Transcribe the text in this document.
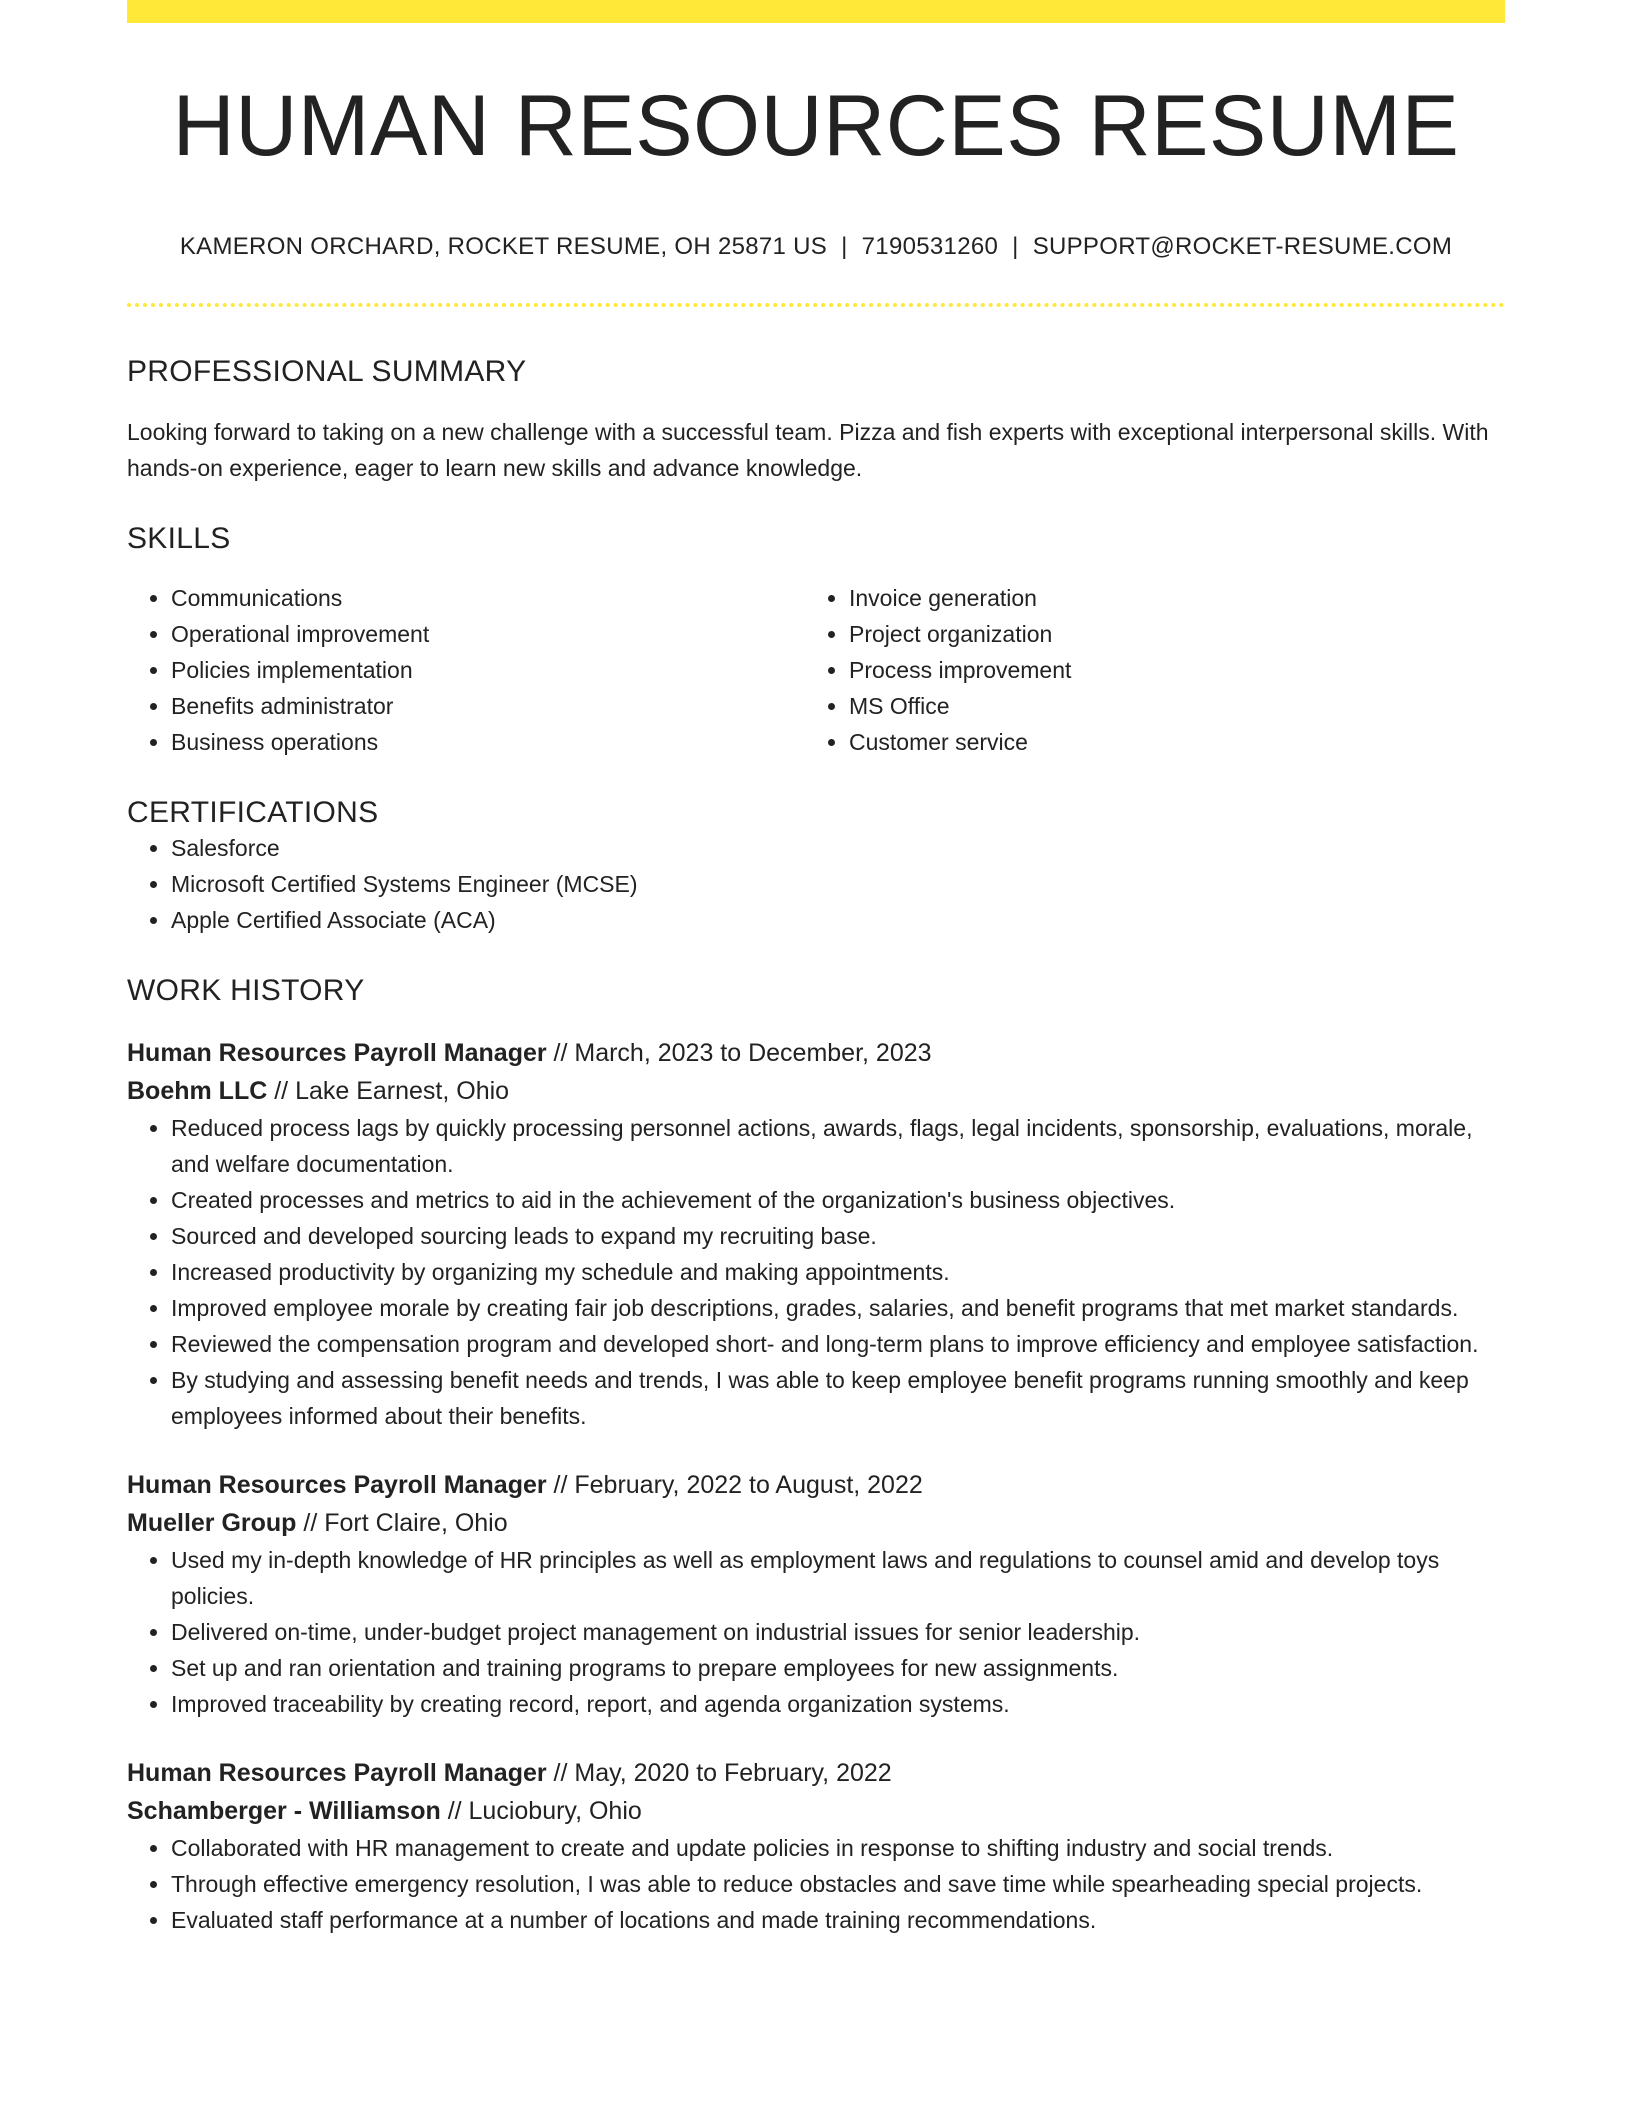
HUMAN RESOURCES RESUME
KAMERON ORCHARD, ROCKET RESUME, OH 25871 US | 7190531260 | SUPPORT@ROCKET-RESUME.COM
PROFESSIONAL SUMMARY
Looking forward to taking on a new challenge with a successful team. Pizza and fish experts with exceptional interpersonal skills. With hands-on experience, eager to learn new skills and advance knowledge.
SKILLS
• Communications
• Operational improvement
• Policies implementation
• Benefits administrator
• Business operations
• Invoice generation
• Project organization
• Process improvement
• MS Office
• Customer service
CERTIFICATIONS
• Salesforce
• Microsoft Certified Systems Engineer (MCSE)
• Apple Certified Associate (ACA)
WORK HISTORY
Human Resources Payroll Manager // March, 2023 to December, 2023
Boehm LLC // Lake Earnest, Ohio
• Reduced process lags by quickly processing personnel actions, awards, flags, legal incidents, sponsorship, evaluations, morale, and welfare documentation.
• Created processes and metrics to aid in the achievement of the organization's business objectives.
• Sourced and developed sourcing leads to expand my recruiting base.
• Increased productivity by organizing my schedule and making appointments.
• Improved employee morale by creating fair job descriptions, grades, salaries, and benefit programs that met market standards.
• Reviewed the compensation program and developed short- and long-term plans to improve efficiency and employee satisfaction.
• By studying and assessing benefit needs and trends, I was able to keep employee benefit programs running smoothly and keep employees informed about their benefits.
Human Resources Payroll Manager // February, 2022 to August, 2022
Mueller Group // Fort Claire, Ohio
• Used my in-depth knowledge of HR principles as well as employment laws and regulations to counsel amid and develop toys policies.
• Delivered on-time, under-budget project management on industrial issues for senior leadership.
• Set up and ran orientation and training programs to prepare employees for new assignments.
• Improved traceability by creating record, report, and agenda organization systems.
Human Resources Payroll Manager // May, 2020 to February, 2022
Schamberger - Williamson // Luciobury, Ohio
• Collaborated with HR management to create and update policies in response to shifting industry and social trends.
• Through effective emergency resolution, I was able to reduce obstacles and save time while spearheading special projects.
• Evaluated staff performance at a number of locations and made training recommendations.
